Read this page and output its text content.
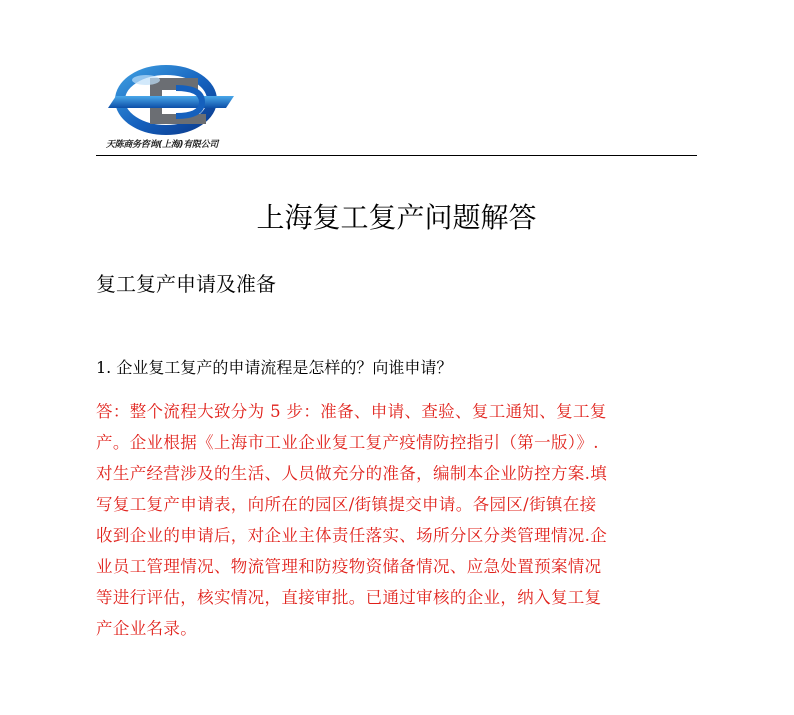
天陈商务咨询(上海)有限公司
上海复工复产问题解答
复工复产申请及准备
1. 企业复工复产的申请流程是怎样的？向谁申请？
答：整个流程大致分为 5 步：准备、申请、查验、复工通知、复工复
产。企业根据《上海市工业企业复工复产疫情防控指引（第一版）》.
对生产经营涉及的生活、人员做充分的准备，编制本企业防控方案.填
写复工复产申请表，向所在的园区/街镇提交申请。各园区/街镇在接
收到企业的申请后，对企业主体责任落实、场所分区分类管理情况.企
业员工管理情况、物流管理和防疫物资储备情况、应急处置预案情况
等进行评估，核实情况，直接审批。已通过审核的企业，纳入复工复
产企业名录。
